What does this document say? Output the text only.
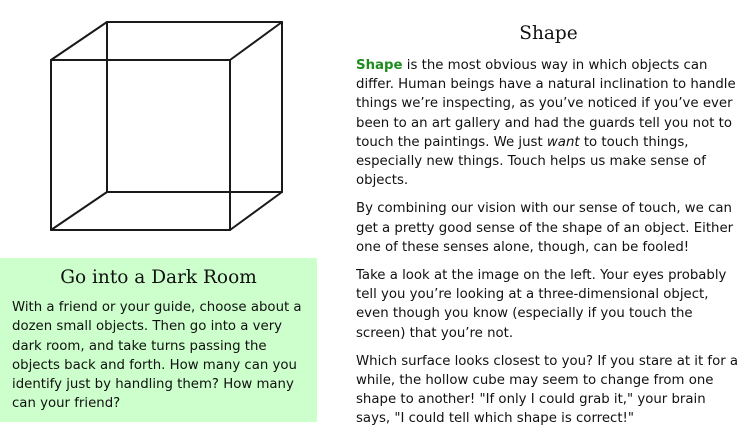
Go into a Dark Room

With a friend or your guide, choose about a dozen small objects. Then go into a very dark room, and take turns passing the objects back and forth. How many can you identify just by handling them? How many can your friend?

Shape

Shape is the most obvious way in which objects can differ. Human beings have a natural inclination to handle things we’re inspecting, as you’ve noticed if you’ve ever been to an art gallery and had the guards tell you not to touch the paintings. We just want to touch things, especially new things. Touch helps us make sense of objects.

By combining our vision with our sense of touch, we can get a pretty good sense of the shape of an object. Either one of these senses alone, though, can be fooled!

Take a look at the image on the left. Your eyes probably tell you you’re looking at a three-dimensional object, even though you know (especially if you touch the screen) that you’re not.

Which surface looks closest to you? If you stare at it for a while, the hollow cube may seem to change from one shape to another! "If only I could grab it," your brain says, "I could tell which shape is correct!"
